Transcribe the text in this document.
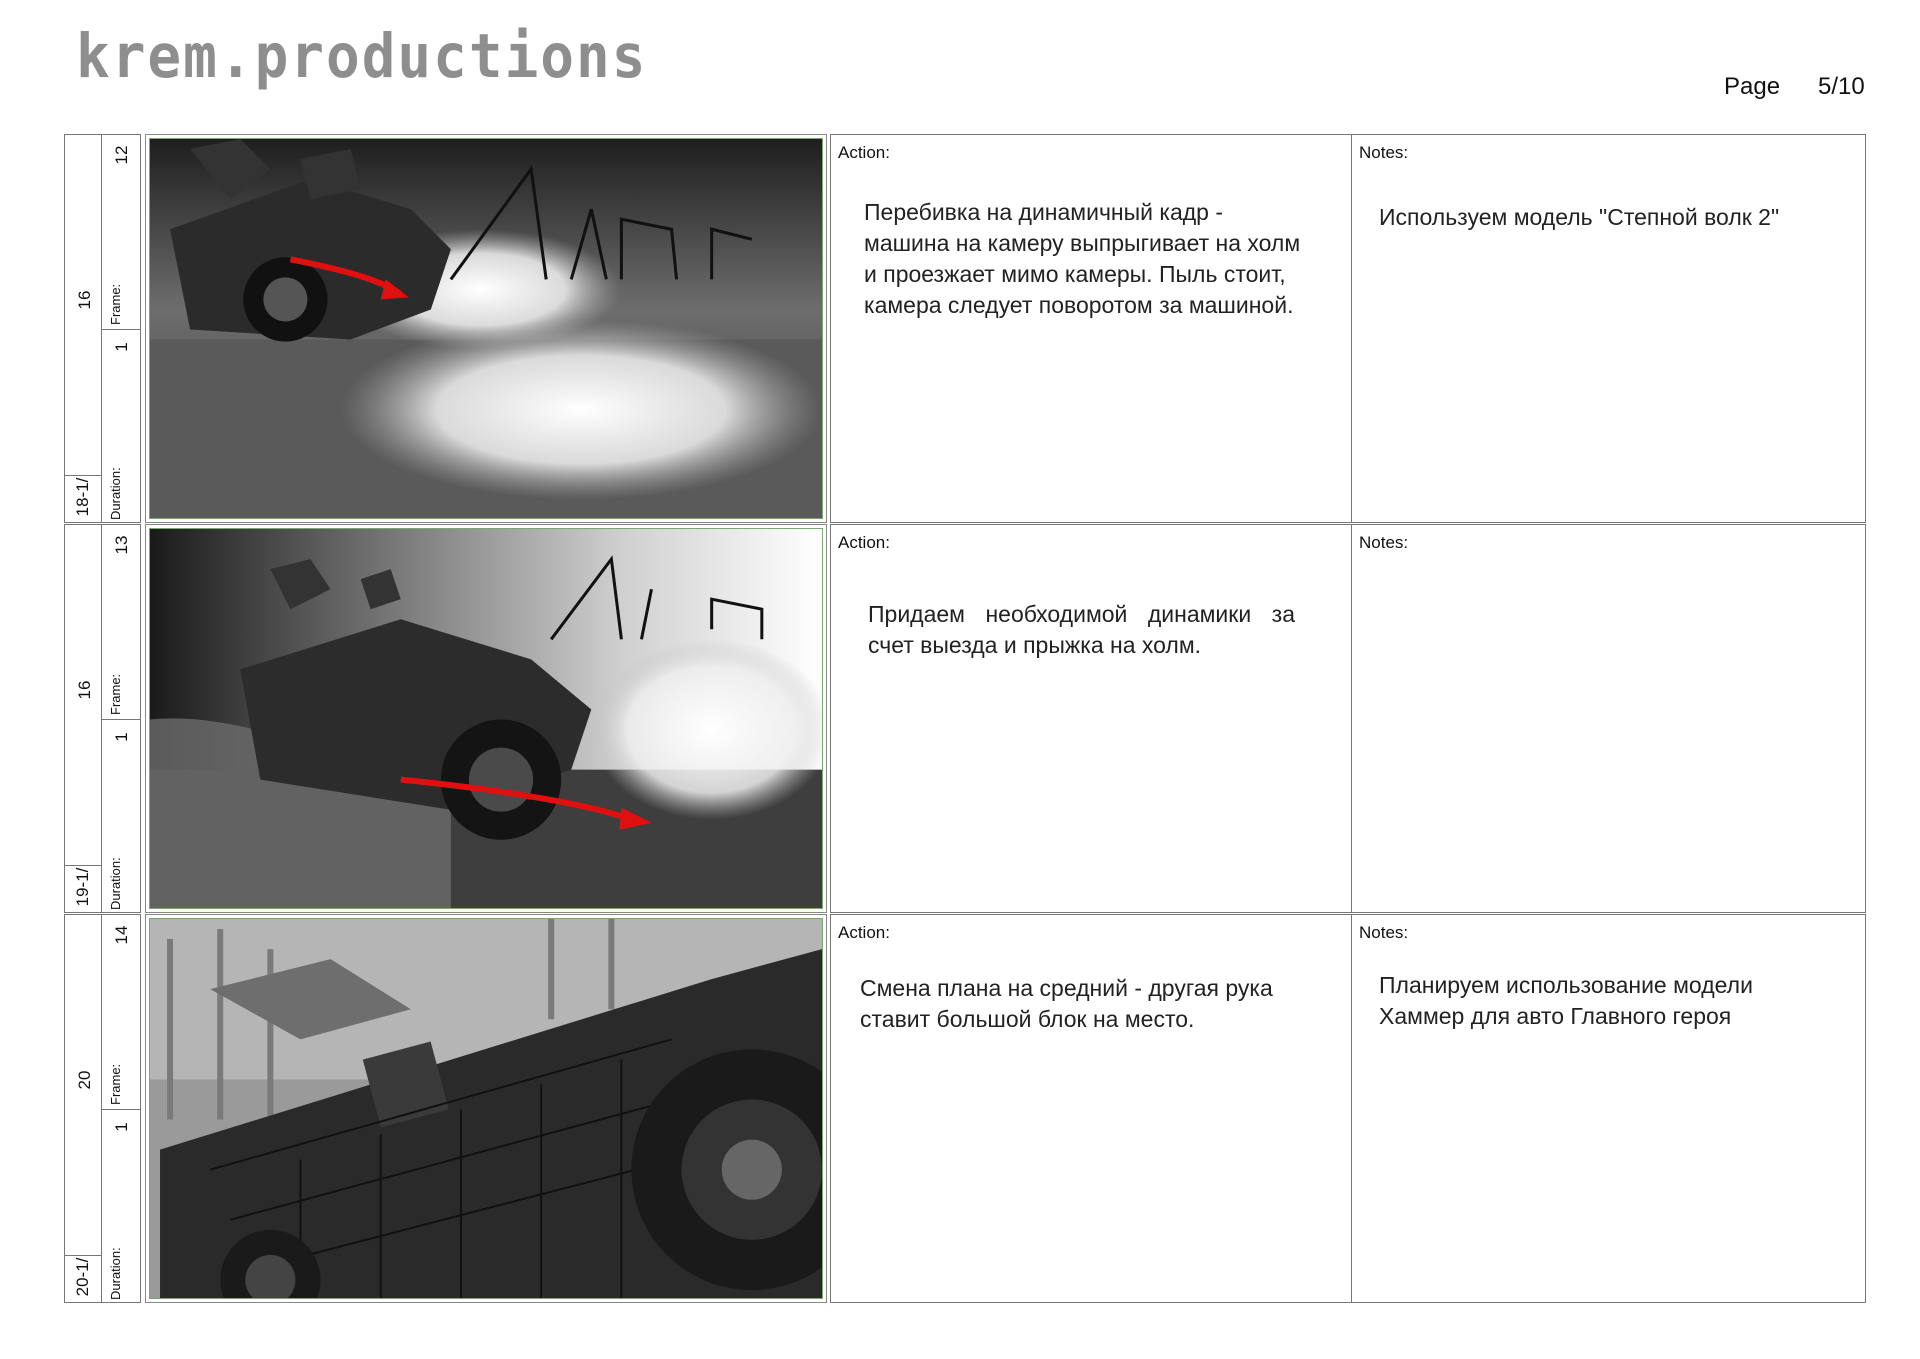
krem.productions	Page 5/10
16
18-1/
12
Frame:
1
Duration:
Action:
Перебивка на динамичный кадр - машина на камеру выпрыгивает на холм и проезжает мимо камеры. Пыль стоит, камера следует поворотом за машиной.
Notes:
Используем модель "Степной волк 2"
16
19-1/
13
Frame:
1
Duration:
Action:
Придаем необходимой динамики за счет выезда и прыжка на холм.
Notes:
20
20-1/
14
Frame:
1
Duration:
Action:
Смена плана на средний - другая рука ставит большой блок на место.
Notes:
Планируем использование модели Хаммер для авто Главного героя
